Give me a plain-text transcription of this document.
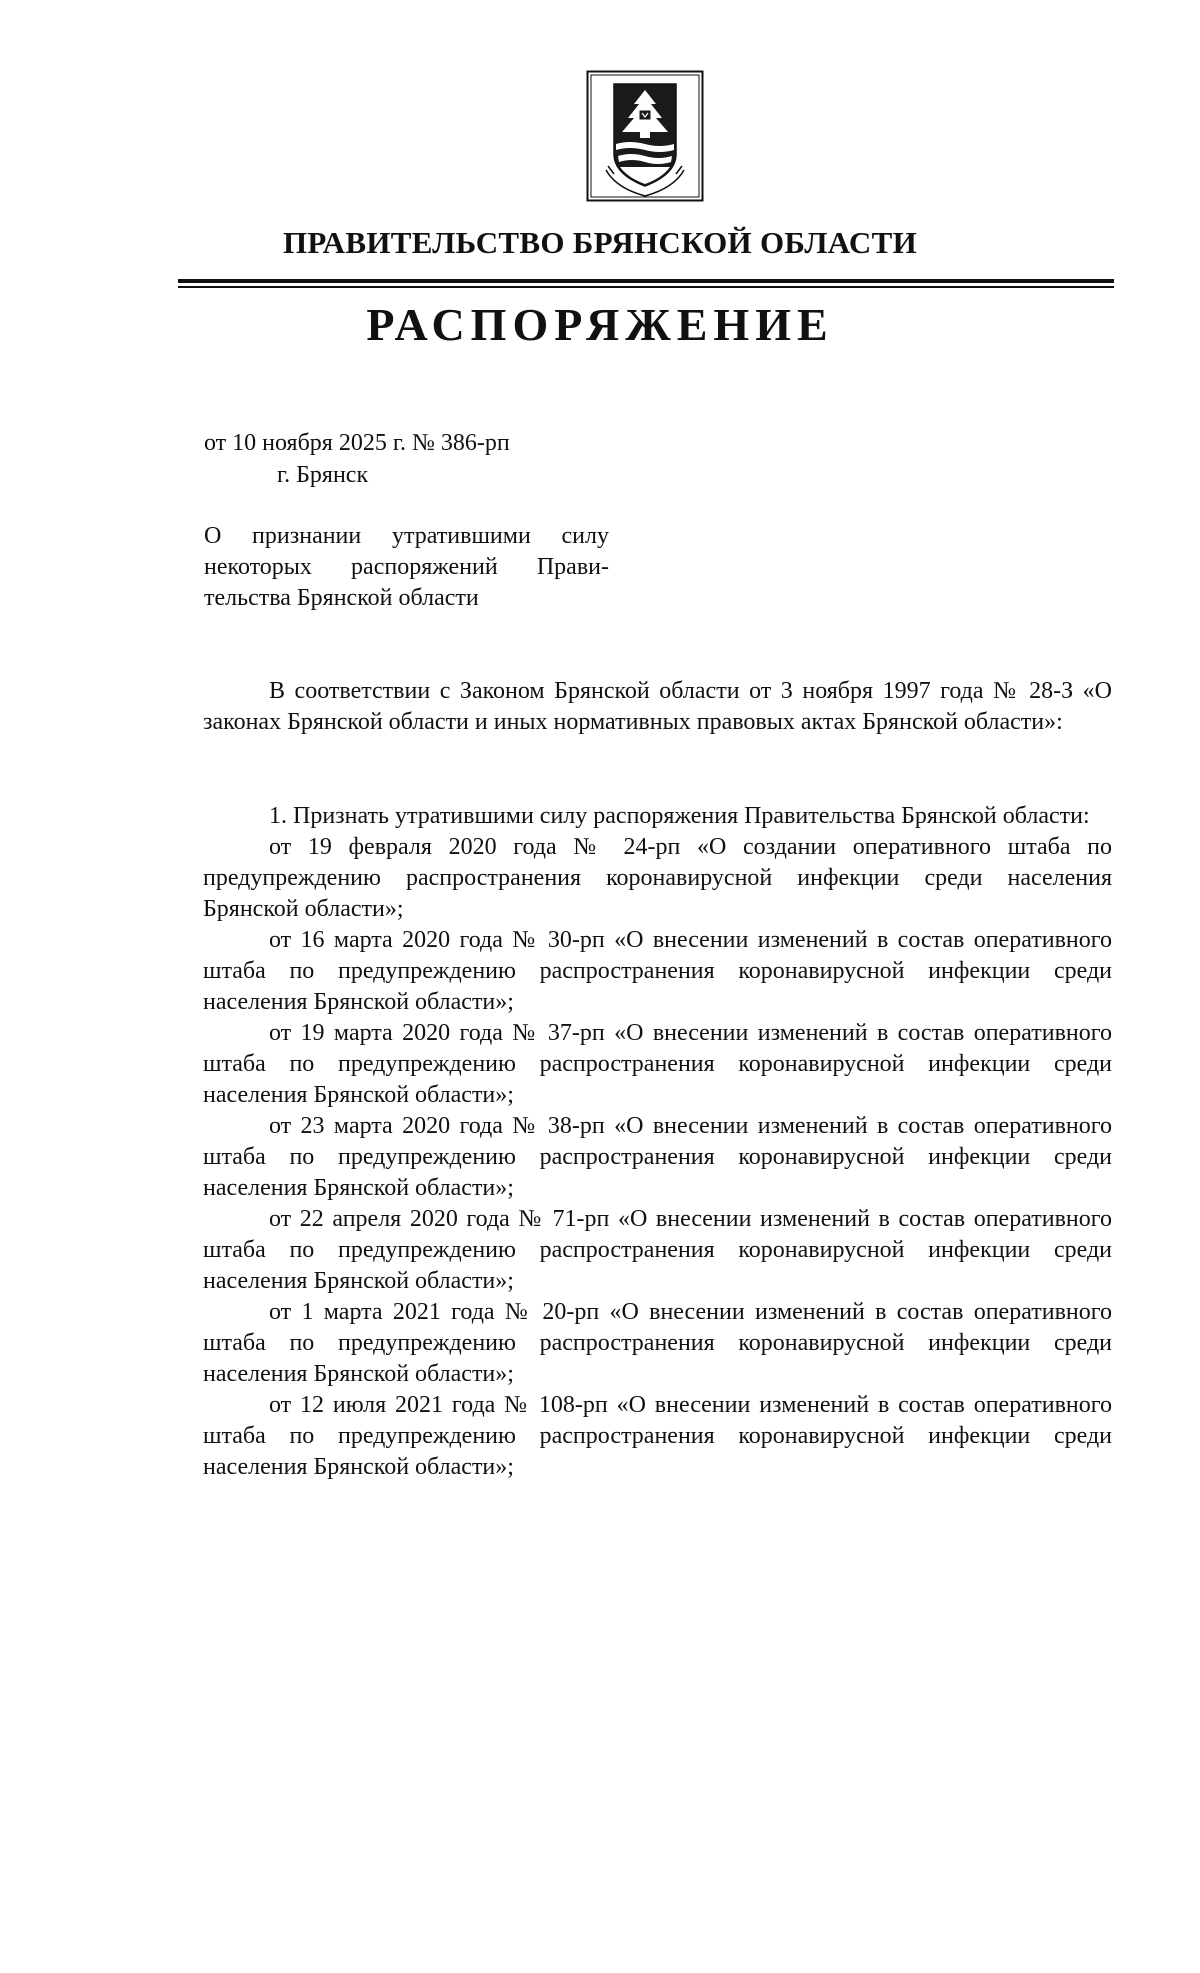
ПРАВИТЕЛЬСТВО БРЯНСКОЙ ОБЛАСТИ
РАСПОРЯЖЕНИЕ
от 10 ноября 2025 г. № 386-рп
г. Брянск
О признании утратившими силу
некоторых распоряжений Прави-
тельства Брянской области

В соответствии с Законом Брянской области от 3 ноября 1997 года № 28-З «О законах Брянской области и иных нормативных правовых актах Брянской области»:

1. Признать утратившими силу распоряжения Правительства Брянской области:

от 19 февраля 2020 года № 24-рп «О создании оперативного штаба по предупреждению распространения коронавирусной инфекции среди населения Брянской области»;

от 16 марта 2020 года № 30-рп «О внесении изменений в состав оперативного штаба по предупреждению распространения коронавирусной инфекции среди населения Брянской области»;

от 19 марта 2020 года № 37-рп «О внесении изменений в состав оперативного штаба по предупреждению распространения коронавирусной инфекции среди населения Брянской области»;

от 23 марта 2020 года № 38-рп «О внесении изменений в состав оперативного штаба по предупреждению распространения коронавирусной инфекции среди населения Брянской области»;

от 22 апреля 2020 года № 71-рп «О внесении изменений в состав оперативного штаба по предупреждению распространения коронавирусной инфекции среди населения Брянской области»;

от 1 марта 2021 года № 20-рп «О внесении изменений в состав оперативного штаба по предупреждению распространения коронавирусной инфекции среди населения Брянской области»;

от 12 июля 2021 года № 108-рп «О внесении изменений в состав оперативного штаба по предупреждению распространения коронавирусной инфекции среди населения Брянской области»;
